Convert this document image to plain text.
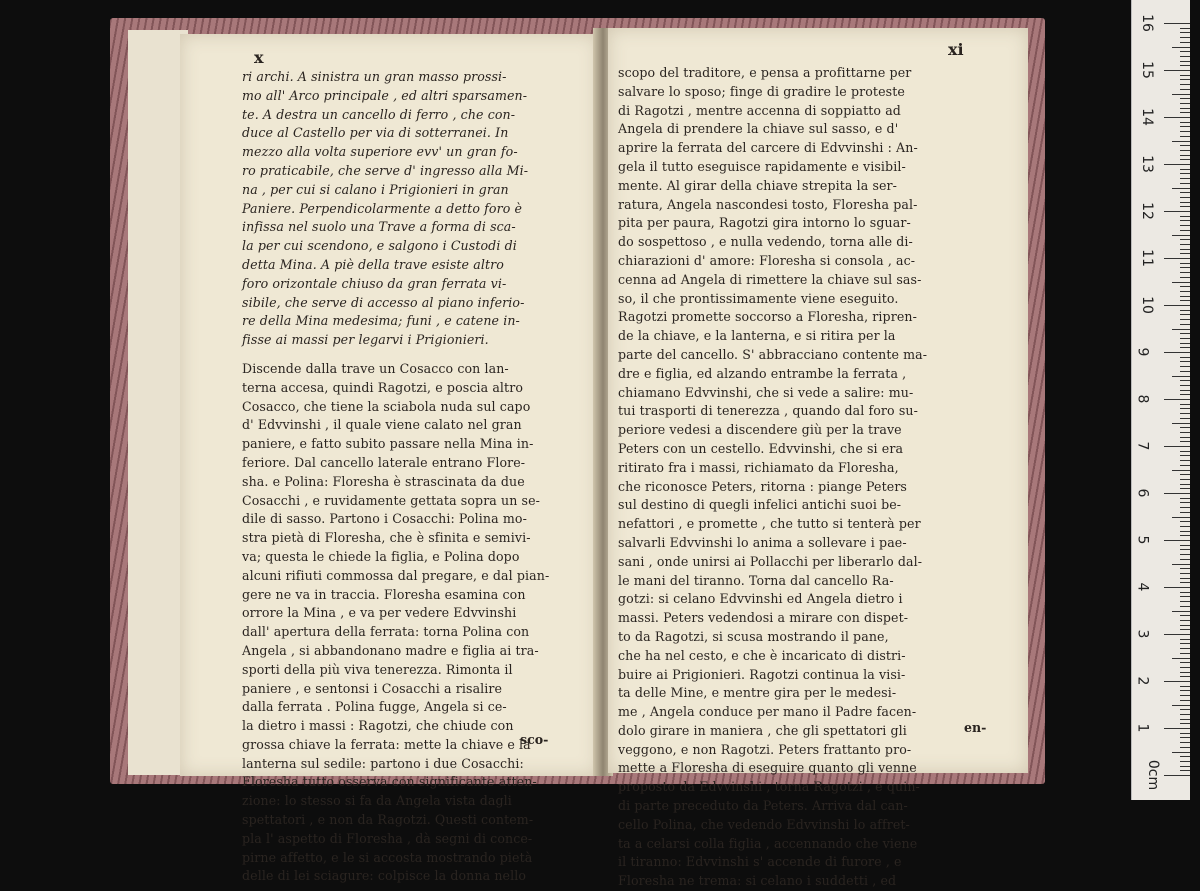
x
ri archi. A sinistra un gran masso prossi-
mo all' Arco principale , ed altri sparsamen-
te. A destra un cancello di ferro , che con-
duce al Castello per via di sotterranei. In
mezzo alla volta superiore evv' un gran fo-
ro praticabile, che serve d' ingresso alla Mi-
na , per cui si calano i Prigionieri in gran
Paniere. Perpendicolarmente a detto foro è
infissa nel suolo una Trave a forma di sca-
la per cui scendono, e salgono i Custodi di
detta Mina. A piè della trave esiste altro
foro orizontale chiuso da gran ferrata vi-
sibile, che serve di accesso al piano inferio-
re della Mina medesima; funi , e catene in-
fisse ai massi per legarvi i Prigionieri.
Discende dalla trave un Cosacco con lan-
terna accesa, quindi Ragotzi, e poscia altro
Cosacco, che tiene la sciabola nuda sul capo
d' Edvvinshi , il quale viene calato nel gran
paniere, e fatto subito passare nella Mina in-
feriore. Dal cancello laterale entrano Flore-
sha. e Polina: Floresha è strascinata da due
Cosacchi , e ruvidamente gettata sopra un se-
dile di sasso. Partono i Cosacchi: Polina mo-
stra pietà di Floresha, che è sfinita e semivi-
va; questa le chiede la figlia, e Polina dopo
alcuni rifiuti commossa dal pregare, e dal pian-
gere ne va in traccia. Floresha esamina con
orrore la Mina , e va per vedere Edvvinshi
dall' apertura della ferrata: torna Polina con
Angela , si abbandonano madre e figlia ai tra-
sporti della più viva tenerezza. Rimonta il
paniere , e sentonsi i Cosacchi a risalire
dalla ferrata . Polina fugge, Angela si ce-
la dietro i massi : Ragotzi, che chiude con
grossa chiave la ferrata: mette la chiave e la
lanterna sul sedile: partono i due Cosacchi:
Floresha tutto osserva con significante atten-
zione: lo stesso si fa da Angela vista dagli
spettatori , e non da Ragotzi. Questi contem-
pla l' aspetto di Floresha , dà segni di conce-
pirne affetto, e le si accosta mostrando pietà
delle di lei sciagure: colpisce la donna nello
sco-
xi
scopo del traditore, e pensa a profittarne per
salvare lo sposo; finge di gradire le proteste
di Ragotzi , mentre accenna di soppiatto ad
Angela di prendere la chiave sul sasso, e d'
aprire la ferrata del carcere di Edvvinshi : An-
gela il tutto eseguisce rapidamente e visibil-
mente. Al girar della chiave strepita la ser-
ratura, Angela nascondesi tosto, Floresha pal-
pita per paura, Ragotzi gira intorno lo sguar-
do sospettoso , e nulla vedendo, torna alle di-
chiarazioni d' amore: Floresha si consola , ac-
cenna ad Angela di rimettere la chiave sul sas-
so, il che prontissimamente viene eseguito.
Ragotzi promette soccorso a Floresha, ripren-
de la chiave, e la lanterna, e si ritira per la
parte del cancello. S' abbracciano contente ma-
dre e figlia, ed alzando entrambe la ferrata ,
chiamano Edvvinshi, che si vede a salire: mu-
tui trasporti di tenerezza , quando dal foro su-
periore vedesi a discendere giù per la trave
Peters con un cestello. Edvvinshi, che si era
ritirato fra i massi, richiamato da Floresha,
che riconosce Peters, ritorna : piange Peters
sul destino di quegli infelici antichi suoi be-
nefattori , e promette , che tutto si tenterà per
salvarli Edvvinshi lo anima a sollevare i pae-
sani , onde unirsi ai Pollacchi per liberarlo dal-
le mani del tiranno. Torna dal cancello Ra-
gotzi: si celano Edvvinshi ed Angela dietro i
massi. Peters vedendosi a mirare con dispet-
to da Ragotzi, si scusa mostrando il pane,
che ha nel cesto, e che è incaricato di distri-
buire ai Prigionieri. Ragotzi continua la visi-
ta delle Mine, e mentre gira per le medesi-
me , Angela conduce per mano il Padre facen-
dolo girare in maniera , che gli spettatori gli
veggono, e non Ragotzi. Peters frattanto pro-
mette a Floresha di eseguire quanto gli venne
proposto da Edvvinshi , torna Ragotzi , e quin-
di parte preceduto da Peters. Arriva dal can-
cello Polina, che vedendo Edvvinshi lo affret-
ta a celarsi colla figlia , accennando che viene
il tiranno: Edvvinshi s' accende di furore , e
Floresha ne trema: si celano i suddetti , ed
en-
0cm
1
2
3
4
5
6
7
8
9
10
11
12
13
14
15
16
